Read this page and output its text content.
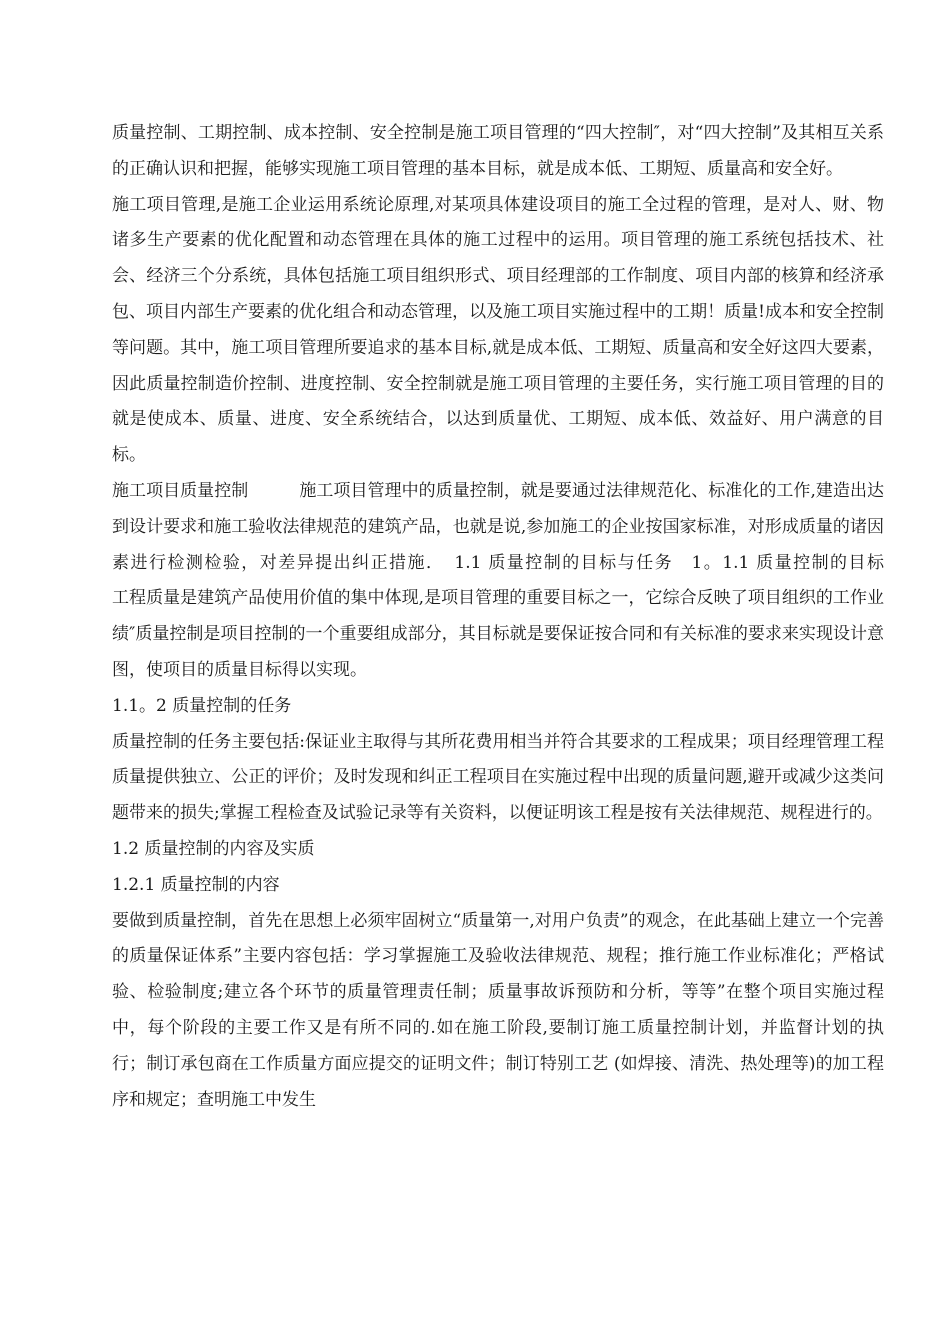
质量控制、工期控制、成本控制、安全控制是施工项目管理的“四大控制″，对“四大控制”及其相互关系的正确认识和把握，能够实现施工项目管理的基本目标，就是成本低、工期短、质量高和安全好。

施工项目管理,是施工企业运用系统论原理,对某项具体建设项目的施工全过程的管理，是对人、财、物诸多生产要素的优化配置和动态管理在具体的施工过程中的运用。项目管理的施工系统包括技术、社会、经济三个分系统，具体包括施工项目组织形式、项目经理部的工作制度、项目内部的核算和经济承包、项目内部生产要素的优化组合和动态管理，以及施工项目实施过程中的工期！质量!成本和安全控制等问题。其中，施工项目管理所要追求的基本目标,就是成本低、工期短、质量高和安全好这四大要素，因此质量控制造价控制、进度控制、安全控制就是施工项目管理的主要任务，实行施工项目管理的目的就是使成本、质量、进度、安全系统结合，以达到质量优、工期短、成本低、效益好、用户满意的目标。

施工项目质量控制　　　施工项目管理中的质量控制，就是要通过法律规范化、标准化的工作,建造出达到设计要求和施工验收法律规范的建筑产品，也就是说,参加施工的企业按国家标准，对形成质量的诸因素进行检测检验，对差异提出纠正措施．　1.1 质量控制的目标与任务　1。1.1 质量控制的目标　　　工程质量是建筑产品使用价值的集中体现,是项目管理的重要目标之一，它综合反映了项目组织的工作业绩″质量控制是项目控制的一个重要组成部分，其目标就是要保证按合同和有关标准的要求来实现设计意图，使项目的质量目标得以实现。

1.1。2 质量控制的任务

质量控制的任务主要包括:保证业主取得与其所花费用相当并符合其要求的工程成果；项目经理管理工程质量提供独立、公正的评价；及时发现和纠正工程项目在实施过程中出现的质量问题,避开或减少这类问题带来的损失;掌握工程检查及试验记录等有关资料，以便证明该工程是按有关法律规范、规程进行的。

1.2 质量控制的内容及实质

1.2.1 质量控制的内容

要做到质量控制，首先在思想上必须牢固树立“质量第一,对用户负责”的观念，在此基础上建立一个完善的质量保证体系”主要内容包括：学习掌握施工及验收法律规范、规程；推行施工作业标准化；严格试验、检验制度;建立各个环节的质量管理责任制；质量事故诉预防和分析，等等”在整个项目实施过程中，每个阶段的主要工作又是有所不同的.如在施工阶段,要制订施工质量控制计划，并监督计划的执行；制订承包商在工作质量方面应提交的证明文件；制订特别工艺 (如焊接、清洗、热处理等)的加工程序和规定；查明施工中发生
